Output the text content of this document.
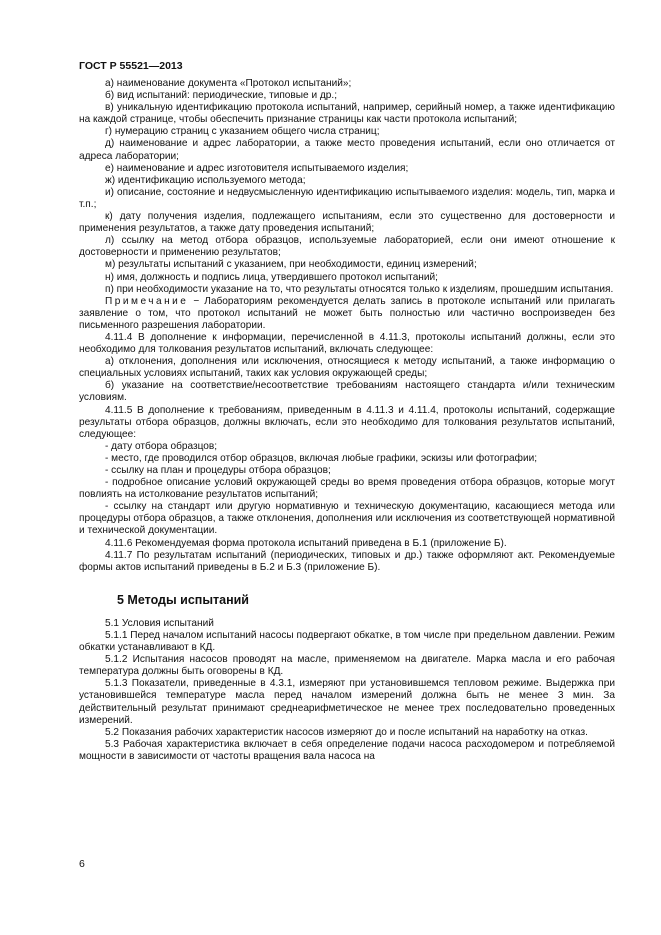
ГОСТ Р 55521—2013

а) наименование документа «Протокол испытаний»;

б) вид испытаний: периодические, типовые и др.;

в) уникальную идентификацию протокола испытаний, например, серийный номер, а также идентификацию на каждой странице, чтобы обеспечить признание страницы как части протокола испытаний;

г) нумерацию страниц с указанием общего числа страниц;

д) наименование и адрес лаборатории, а также место проведения испытаний, если оно отличается от адреса лаборатории;

е) наименование и адрес изготовителя испытываемого изделия;

ж) идентификацию используемого метода;

и) описание, состояние и недвусмысленную идентификацию испытываемого изделия: модель, тип, марка и т.п.;

к) дату получения изделия, подлежащего испытаниям, если это существенно для достоверности и применения результатов, а также дату проведения испытаний;

л) ссылку на метод отбора образцов, используемые лабораторией, если они имеют отношение к достоверности и применению результатов;

м) результаты испытаний с указанием, при необходимости, единиц измерений;

н) имя, должность и подпись лица, утвердившего протокол испытаний;

п) при необходимости указание на то, что результаты относятся только к изделиям, прошедшим испытания.

Примечание − Лабораториям рекомендуется делать запись в протоколе испытаний или прилагать заявление о том, что протокол испытаний не может быть полностью или частично воспроизведен без письменного разрешения лаборатории.

4.11.4 В дополнение к информации, перечисленной в 4.11.3, протоколы испытаний должны, если это необходимо для толкования результатов испытаний, включать следующее:

а) отклонения, дополнения или исключения, относящиеся к методу испытаний, а также информацию о специальных условиях испытаний, таких как условия окружающей среды;

б) указание на соответствие/несоответствие требованиям настоящего стандарта и/или техническим условиям.

4.11.5 В дополнение к требованиям, приведенным в 4.11.3 и 4.11.4, протоколы испытаний, содержащие результаты отбора образцов, должны включать, если это необходимо для толкования результатов испытаний, следующее:

- дату отбора образцов;

- место, где проводился отбор образцов, включая любые графики, эскизы или фотографии;

- ссылку на план и процедуры отбора образцов;

- подробное описание условий окружающей среды во время проведения отбора образцов, которые могут повлиять на истолкование результатов испытаний;

- ссылку на стандарт или другую нормативную и техническую документацию, касающиеся метода или процедуры отбора образцов, а также отклонения, дополнения или исключения из соответствующей нормативной и технической документации.

4.11.6 Рекомендуемая форма протокола испытаний приведена в Б.1 (приложение Б).

4.11.7 По результатам испытаний (периодических, типовых и др.) также оформляют акт. Рекомендуемые формы актов испытаний приведены в Б.2 и Б.3 (приложение Б).

5 Методы испытаний

5.1 Условия испытаний

5.1.1 Перед началом испытаний насосы подвергают обкатке, в том числе при предельном давлении. Режим обкатки устанавливают в КД.

5.1.2 Испытания насосов проводят на масле, применяемом на двигателе. Марка масла и его рабочая температура должны быть оговорены в КД.

5.1.3 Показатели, приведенные в 4.3.1, измеряют при установившемся тепловом режиме. Выдержка при установившейся температуре масла перед началом измерений должна быть не менее 3 мин. За действительный результат принимают среднеарифметическое не менее трех последовательно проведенных измерений.

5.2 Показания рабочих характеристик насосов измеряют до и после испытаний на наработку на отказ.

5.3 Рабочая характеристика включает в себя определение подачи насоса расходомером и потребляемой мощности в зависимости от частоты вращения вала насоса на

6
